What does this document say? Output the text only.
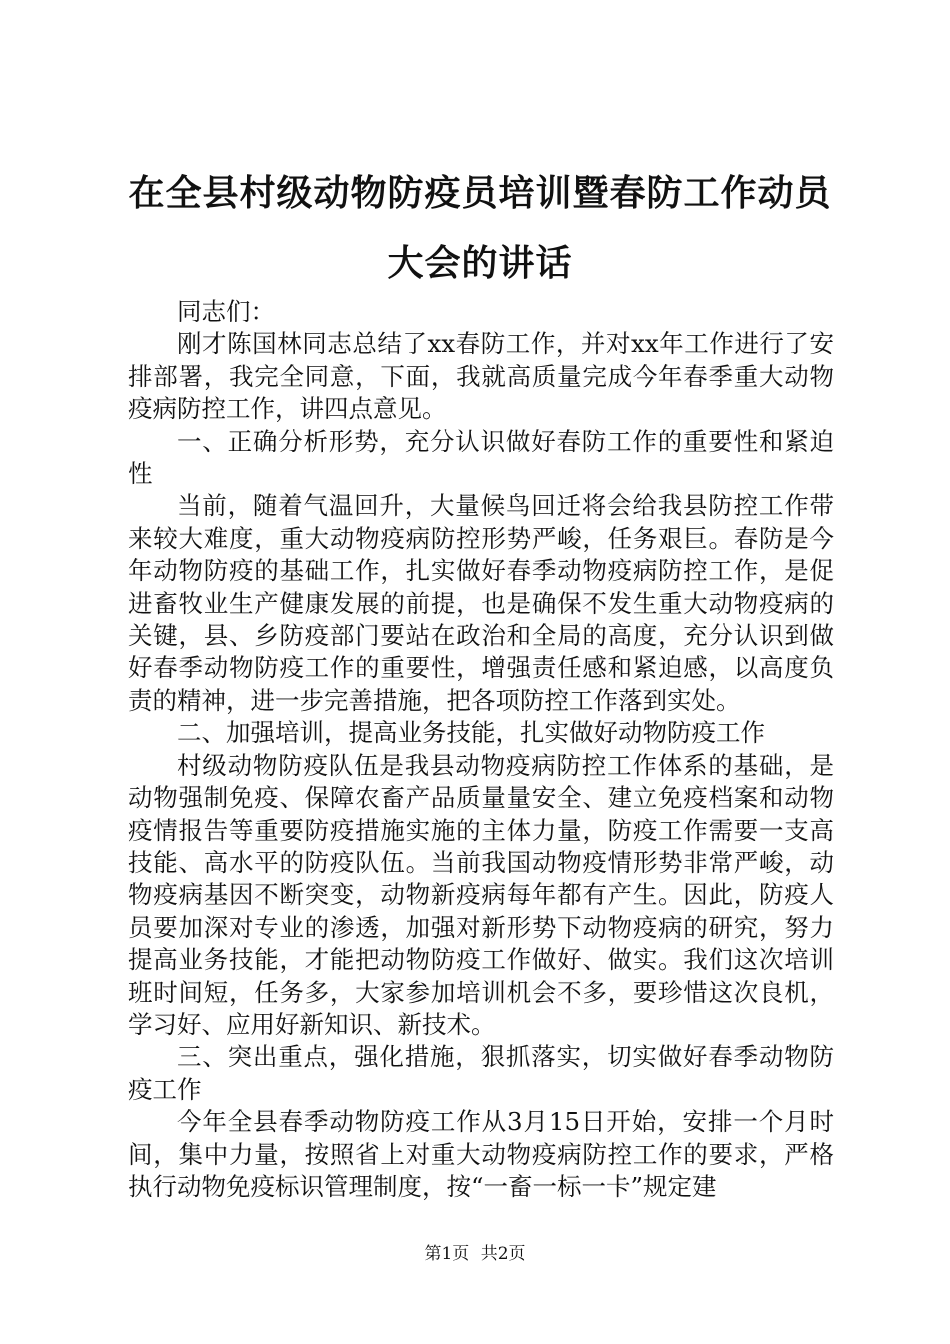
在全县村级动物防疫员培训暨春防工作动员大会的讲话

同志们：

刚才陈国林同志总结了xx春防工作，并对xx年工作进行了安排部署，我完全同意，下面，我就高质量完成今年春季重大动物疫病防控工作，讲四点意见。

一、正确分析形势，充分认识做好春防工作的重要性和紧迫性

当前，随着气温回升，大量候鸟回迁将会给我县防控工作带来较大难度，重大动物疫病防控形势严峻，任务艰巨。春防是今年动物防疫的基础工作，扎实做好春季动物疫病防控工作，是促进畜牧业生产健康发展的前提，也是确保不发生重大动物疫病的关键，县、乡防疫部门要站在政治和全局的高度，充分认识到做好春季动物防疫工作的重要性，增强责任感和紧迫感，以高度负责的精神，进一步完善措施，把各项防控工作落到实处。

二、加强培训，提高业务技能，扎实做好动物防疫工作

村级动物防疫队伍是我县动物疫病防控工作体系的基础，是动物强制免疫、保障农畜产品质量量安全、建立免疫档案和动物疫情报告等重要防疫措施实施的主体力量，防疫工作需要一支高技能、高水平的防疫队伍。当前我国动物疫情形势非常严峻，动物疫病基因不断突变，动物新疫病每年都有产生。因此，防疫人员要加深对专业的渗透，加强对新形势下动物疫病的研究，努力提高业务技能，才能把动物防疫工作做好、做实。我们这次培训班时间短，任务多，大家参加培训机会不多，要珍惜这次良机，学习好、应用好新知识、新技术。

三、突出重点，强化措施，狠抓落实，切实做好春季动物防疫工作

今年全县春季动物防疫工作从3月15日开始，安排一个月时间，集中力量，按照省上对重大动物疫病防控工作的要求，严格执行动物免疫标识管理制度，按“一畜一标一卡”规定建

第1页 共2页
